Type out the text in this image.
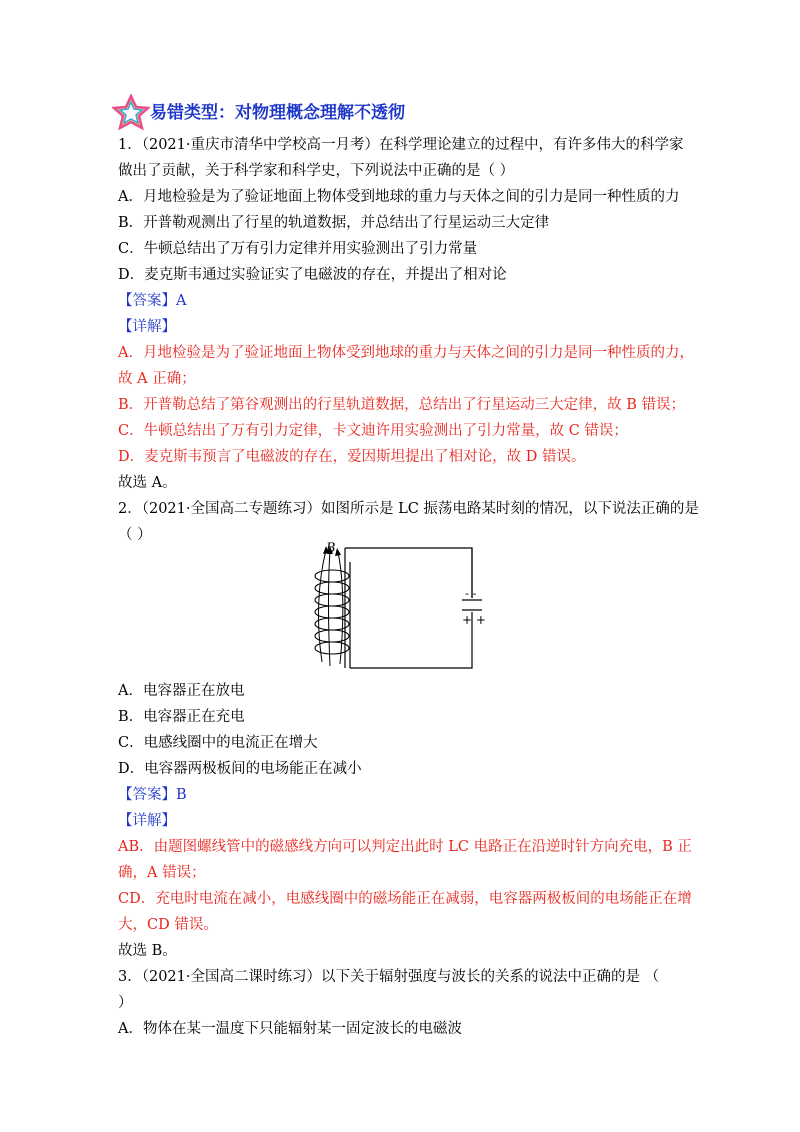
易错类型：对物理概念理解不透彻
1．（2021·重庆市清华中学校高一月考）在科学理论建立的过程中，有许多伟大的科学家
做出了贡献，关于科学家和科学史，下列说法中正确的是（ ）
A．月地检验是为了验证地面上物体受到地球的重力与天体之间的引力是同一种性质的力
B．开普勒观测出了行星的轨道数据，并总结出了行星运动三大定律
C．牛顿总结出了万有引力定律并用实验测出了引力常量
D．麦克斯韦通过实验证实了电磁波的存在，并提出了相对论
【答案】A
【详解】
A．月地检验是为了验证地面上物体受到地球的重力与天体之间的引力是同一种性质的力，
故 A 正确；
B．开普勒总结了第谷观测出的行星轨道数据，总结出了行星运动三大定律，故 B 错误；
C．牛顿总结出了万有引力定律，卡文迪许用实验测出了引力常量，故 C 错误；
D．麦克斯韦预言了电磁波的存在，爱因斯坦提出了相对论，故 D 错误。
故选 A。
2．（2021·全国高二专题练习）如图所示是 LC 振荡电路某时刻的情况，以下说法正确的是
（ ）
- -
+ +
B
A．电容器正在放电
B．电容器正在充电
C．电感线圈中的电流正在增大
D．电容器两极板间的电场能正在减小
【答案】B
【详解】
AB．由题图螺线管中的磁感线方向可以判定出此时 LC 电路正在沿逆时针方向充电，B 正
确，A 错误；
CD．充电时电流在减小，电感线圈中的磁场能正在减弱，电容器两极板间的电场能正在增
大，CD 错误。
故选 B。
3．（2021·全国高二课时练习）以下关于辐射强度与波长的关系的说法中正确的是 （
）
A．物体在某一温度下只能辐射某一固定波长的电磁波
